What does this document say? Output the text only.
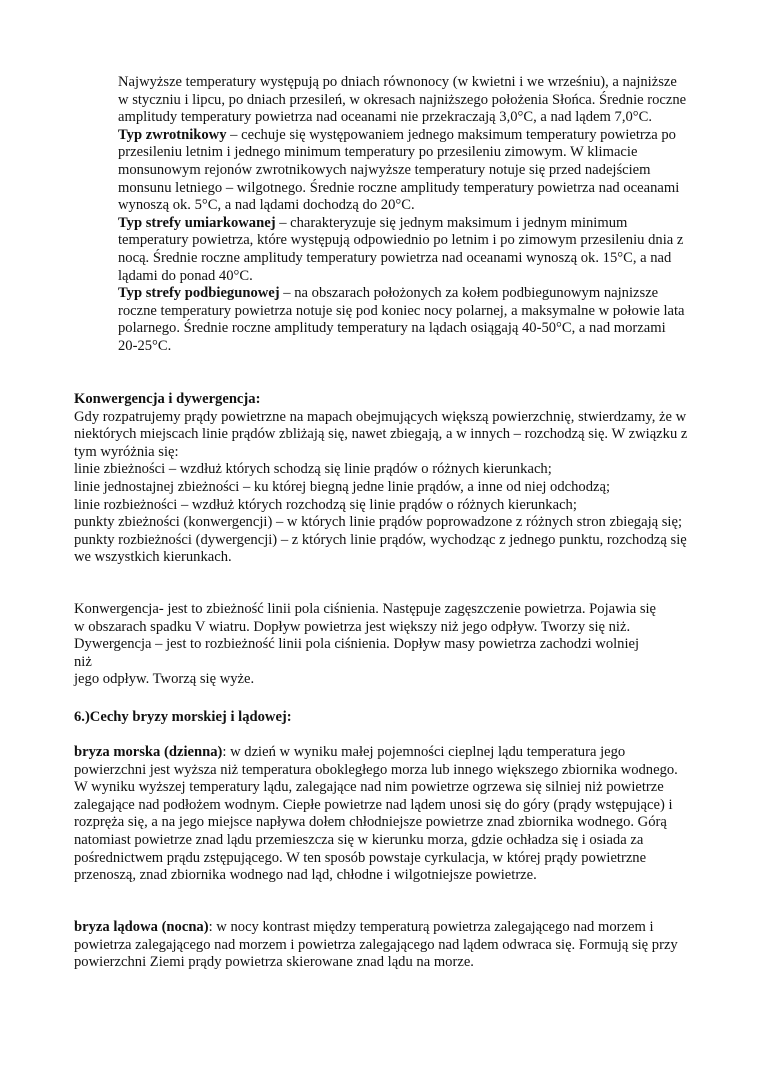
Najwyższe temperatury występują po dniach równonocy (w kwietni i we wrześniu), a najniższe w styczniu i lipcu, po dniach przesileń, w okresach najniższego położenia Słońca. Średnie roczne amplitudy temperatury powietrza nad oceanami nie przekraczają 3,0°C, a nad lądem 7,0°C.

Typ zwrotnikowy – cechuje się występowaniem jednego maksimum temperatury powietrza po przesileniu letnim i jednego minimum temperatury po przesileniu zimowym. W klimacie monsunowym rejonów zwrotnikowych najwyższe temperatury notuje się przed nadejściem monsunu letniego – wilgotnego. Średnie roczne amplitudy temperatury powietrza nad oceanami wynoszą ok. 5°C, a nad lądami dochodzą do 20°C.

Typ strefy umiarkowanej – charakteryzuje się jednym maksimum i jednym minimum temperatury powietrza, które występują odpowiednio po letnim i po zimowym przesileniu dnia z nocą. Średnie roczne amplitudy temperatury powietrza nad oceanami wynoszą ok. 15°C, a nad lądami do ponad 40°C.

Typ strefy podbiegunowej – na obszarach położonych za kołem podbiegunowym najnizsze roczne temperatury powietrza notuje się pod koniec nocy polarnej, a maksymalne w połowie lata polarnego. Średnie roczne amplitudy temperatury na lądach osiągają 40-50°C, a nad morzami 20-25°C.

Konwergencja i dywergencja:

Gdy rozpatrujemy prądy powietrzne na mapach obejmujących większą powierzchnię, stwierdzamy, że w niektórych miejscach linie prądów zbliżają się, nawet zbiegają, a w innych – rozchodzą się. W związku z tym wyróżnia się:

linie zbieżności – wzdłuż których schodzą się linie prądów o różnych kierunkach;

linie jednostajnej zbieżności – ku której biegną jedne linie prądów, a inne od niej odchodzą;

linie rozbieżności – wzdłuż których rozchodzą się linie prądów o różnych kierunkach;

punkty zbieżności (konwergencji) – w których linie prądów poprowadzone z różnych stron zbiegają się;

punkty rozbieżności (dywergencji) – z których linie prądów, wychodząc z jednego punktu, rozchodzą się we wszystkich kierunkach.

Konwergencja- jest to zbieżność linii pola ciśnienia. Następuje zagęszczenie powietrza. Pojawia się
w obszarach spadku V wiatru. Dopływ powietrza jest większy niż jego odpływ. Tworzy się niż.
Dywergencja – jest to rozbieżność linii pola ciśnienia. Dopływ masy powietrza zachodzi wolniej
niż
jego odpływ. Tworzą się wyże.

6.)Cechy bryzy morskiej i lądowej:

bryza morska (dzienna): w dzień w wyniku małej pojemności cieplnej lądu temperatura jego powierzchni jest wyższa niż temperatura obokległego morza lub innego większego zbiornika wodnego. W wyniku wyższej temperatury lądu, zalegające nad nim powietrze ogrzewa się silniej niż powietrze zalegające nad podłożem wodnym. Ciepłe powietrze nad lądem unosi się do góry (prądy wstępujące) i rozpręża się, a na jego miejsce napływa dołem chłodniejsze powietrze znad zbiornika wodnego. Górą natomiast powietrze znad lądu przemieszcza się w kierunku morza, gdzie ochładza się i osiada za pośrednictwem prądu zstępującego. W ten sposób powstaje cyrkulacja, w której prądy powietrzne przenoszą, znad zbiornika wodnego nad ląd, chłodne i wilgotniejsze powietrze.

bryza lądowa (nocna): w nocy kontrast między temperaturą powietrza zalegającego nad morzem i powietrza zalegającego nad morzem i powietrza zalegającego nad lądem odwraca się. Formują się przy powierzchni Ziemi prądy powietrza skierowane znad lądu na morze.
